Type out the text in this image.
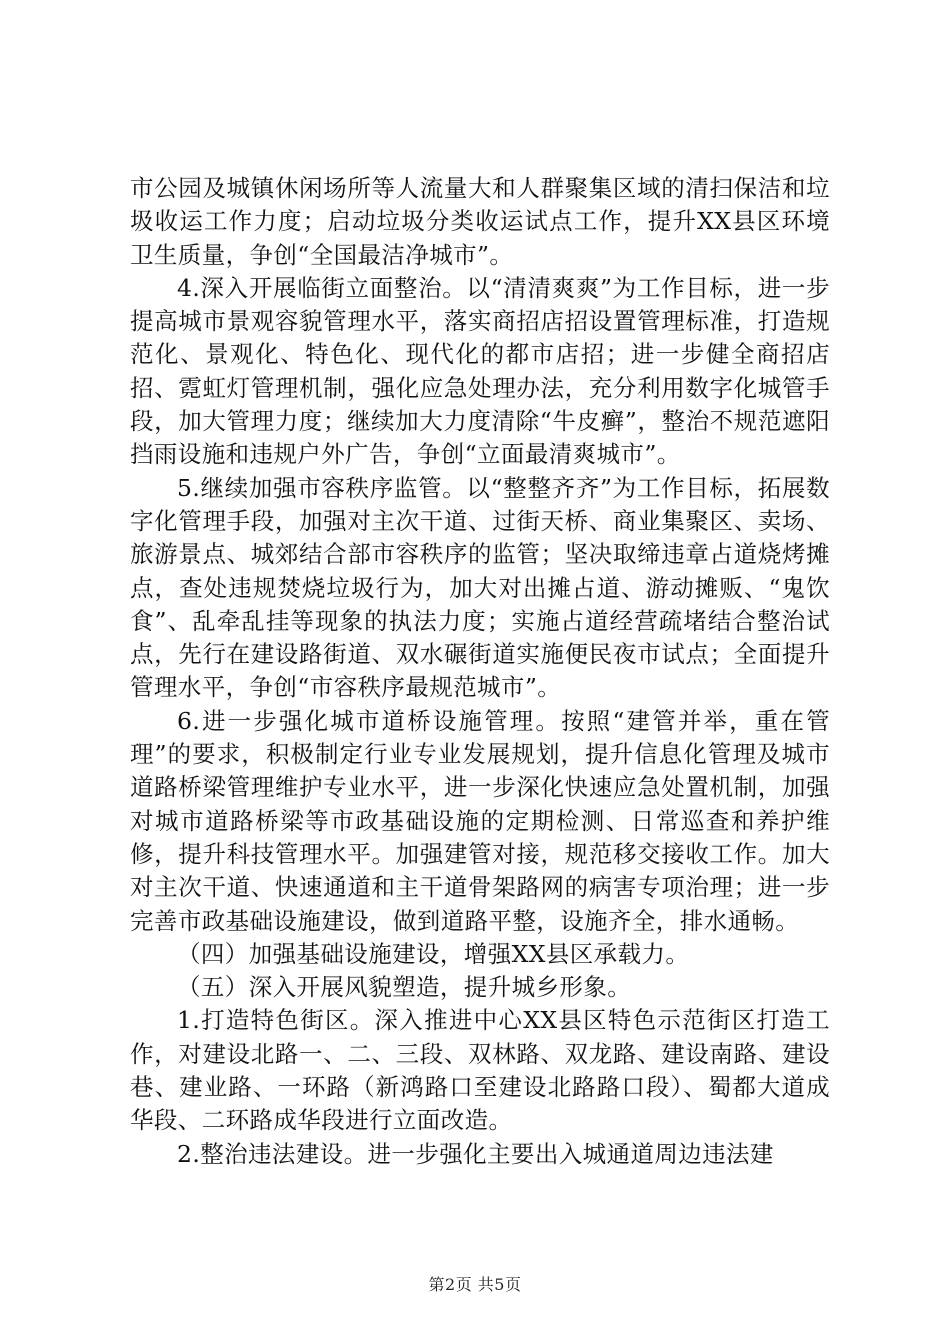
市公园及城镇休闲场所等人流量大和人群聚集区域的清扫保洁和垃圾收运工作力度；启动垃圾分类收运试点工作，提升XX县区环境卫生质量，争创“全国最洁净城市”。

4.深入开展临街立面整治。以“清清爽爽”为工作目标，进一步提高城市景观容貌管理水平，落实商招店招设置管理标准，打造规范化、景观化、特色化、现代化的都市店招；进一步健全商招店招、霓虹灯管理机制，强化应急处理办法，充分利用数字化城管手段，加大管理力度；继续加大力度清除“牛皮癣”，整治不规范遮阳挡雨设施和违规户外广告，争创“立面最清爽城市”。

5.继续加强市容秩序监管。以“整整齐齐”为工作目标，拓展数字化管理手段，加强对主次干道、过街天桥、商业集聚区、卖场、旅游景点、城郊结合部市容秩序的监管；坚决取缔违章占道烧烤摊点，查处违规焚烧垃圾行为，加大对出摊占道、游动摊贩、“鬼饮食”、乱牵乱挂等现象的执法力度；实施占道经营疏堵结合整治试点，先行在建设路街道、双水碾街道实施便民夜市试点；全面提升管理水平，争创“市容秩序最规范城市”。

6.进一步强化城市道桥设施管理。按照“建管并举，重在管理”的要求，积极制定行业专业发展规划，提升信息化管理及城市道路桥梁管理维护专业水平，进一步深化快速应急处置机制，加强对城市道路桥梁等市政基础设施的定期检测、日常巡查和养护维修，提升科技管理水平。加强建管对接，规范移交接收工作。加大对主次干道、快速通道和主干道骨架路网的病害专项治理；进一步完善市政基础设施建设，做到道路平整，设施齐全，排水通畅。

（四）加强基础设施建设，增强XX县区承载力。

（五）深入开展风貌塑造，提升城乡形象。

1.打造特色街区。深入推进中心XX县区特色示范街区打造工作，对建设北路一、二、三段、双林路、双龙路、建设南路、建设巷、建业路、一环路（新鸿路口至建设北路路口段）、蜀都大道成华段、二环路成华段进行立面改造。

2.整治违法建设。进一步强化主要出入城通道周边违法建

第2页 共5页
